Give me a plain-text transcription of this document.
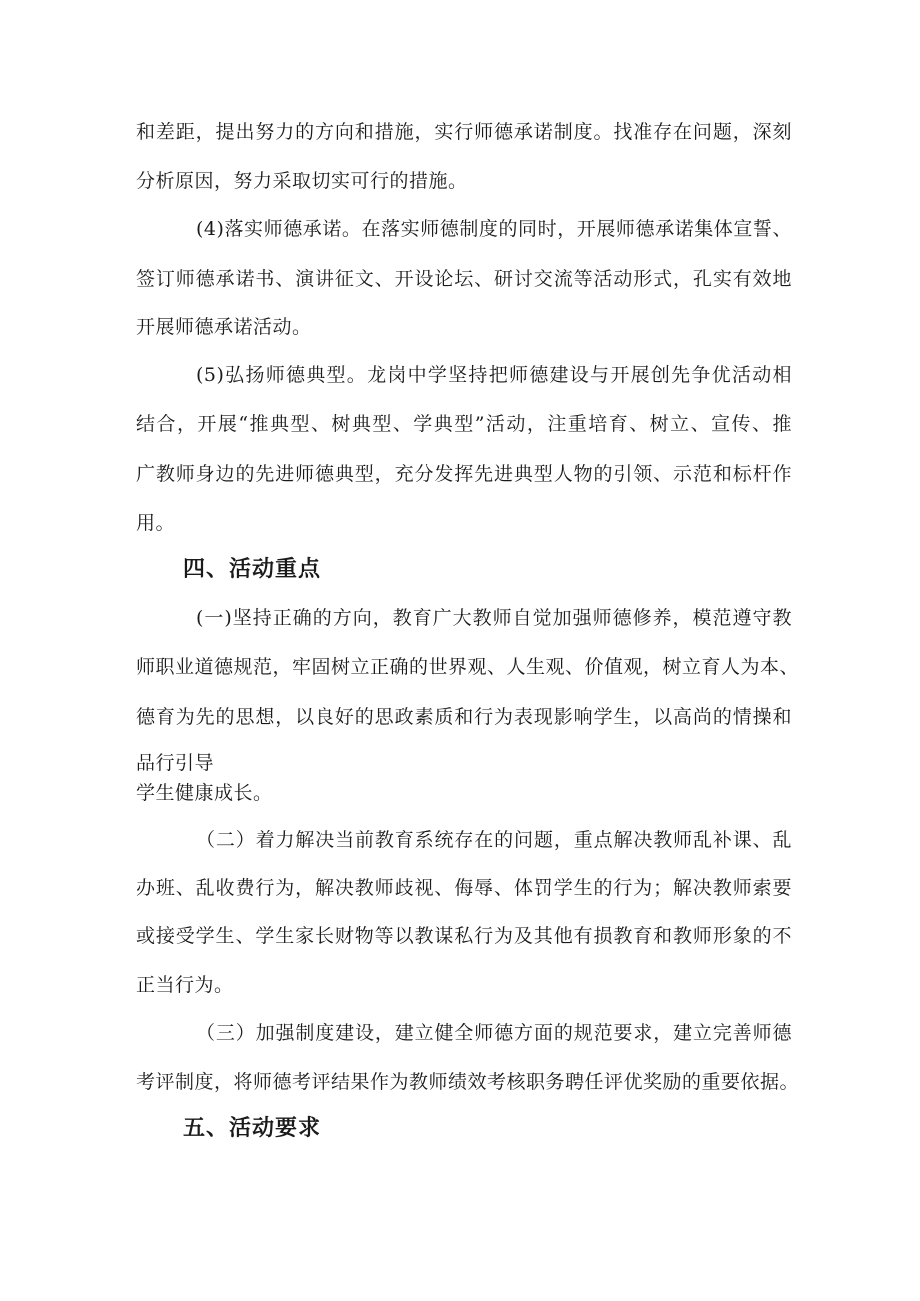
和差距，提出努力的方向和措施，实行师德承诺制度。找准存在问题，深刻
分析原因，努力采取切实可行的措施。
(4)落实师德承诺。在落实师德制度的同时，开展师德承诺集体宣誓、
签订师德承诺书、演讲征文、开设论坛、研讨交流等活动形式，孔实有效地
开展师德承诺活动。
(5)弘扬师德典型。龙岗中学坚持把师德建设与开展创先争优活动相
结合，开展“推典型、树典型、学典型”活动，注重培育、树立、宣传、推
广教师身边的先进师德典型，充分发挥先进典型人物的引领、示范和标杆作
用。
四、活动重点
(一)坚持正确的方向，教育广大教师自觉加强师德修养，模范遵守教
师职业道德规范，牢固树立正确的世界观、人生观、价值观，树立育人为本、
德育为先的思想，以良好的思政素质和行为表现影响学生，以高尚的情操和
品行引导
学生健康成长。
（二）着力解决当前教育系统存在的问题，重点解决教师乱补课、乱
办班、乱收费行为，解决教师歧视、侮辱、体罚学生的行为；解决教师索要
或接受学生、学生家长财物等以教谋私行为及其他有损教育和教师形象的不
正当行为。
（三）加强制度建设，建立健全师德方面的规范要求，建立完善师德
考评制度，将师德考评结果作为教师绩效考核职务聘任评优奖励的重要依据。
五、活动要求
